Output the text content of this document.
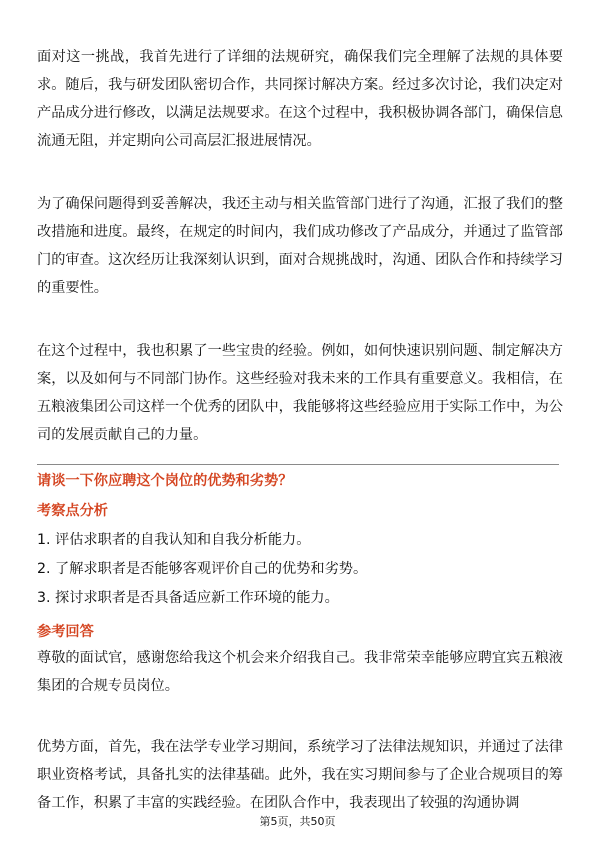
面对这一挑战，我首先进行了详细的法规研究，确保我们完全理解了法规的具体要求。随后，我与研发团队密切合作，共同探讨解决方案。经过多次讨论，我们决定对产品成分进行修改，以满足法规要求。在这个过程中，我积极协调各部门，确保信息流通无阻，并定期向公司高层汇报进展情况。

为了确保问题得到妥善解决，我还主动与相关监管部门进行了沟通，汇报了我们的整改措施和进度。最终，在规定的时间内，我们成功修改了产品成分，并通过了监管部门的审查。这次经历让我深刻认识到，面对合规挑战时，沟通、团队合作和持续学习的重要性。

在这个过程中，我也积累了一些宝贵的经验。例如，如何快速识别问题、制定解决方案，以及如何与不同部门协作。这些经验对我未来的工作具有重要意义。我相信，在五粮液集团公司这样一个优秀的团队中，我能够将这些经验应用于实际工作中，为公司的发展贡献自己的力量。

请谈一下你应聘这个岗位的优势和劣势？

考察点分析

1. 评估求职者的自我认知和自我分析能力。
2. 了解求职者是否能够客观评价自己的优势和劣势。
3. 探讨求职者是否具备适应新工作环境的能力。

参考回答

尊敬的面试官，感谢您给我这个机会来介绍我自己。我非常荣幸能够应聘宜宾五粮液集团的合规专员岗位。

优势方面，首先，我在法学专业学习期间，系统学习了法律法规知识，并通过了法律职业资格考试，具备扎实的法律基础。此外，我在实习期间参与了企业合规项目的筹备工作，积累了丰富的实践经验。在团队合作中，我表现出了较强的沟通协调

第5页，共50页
